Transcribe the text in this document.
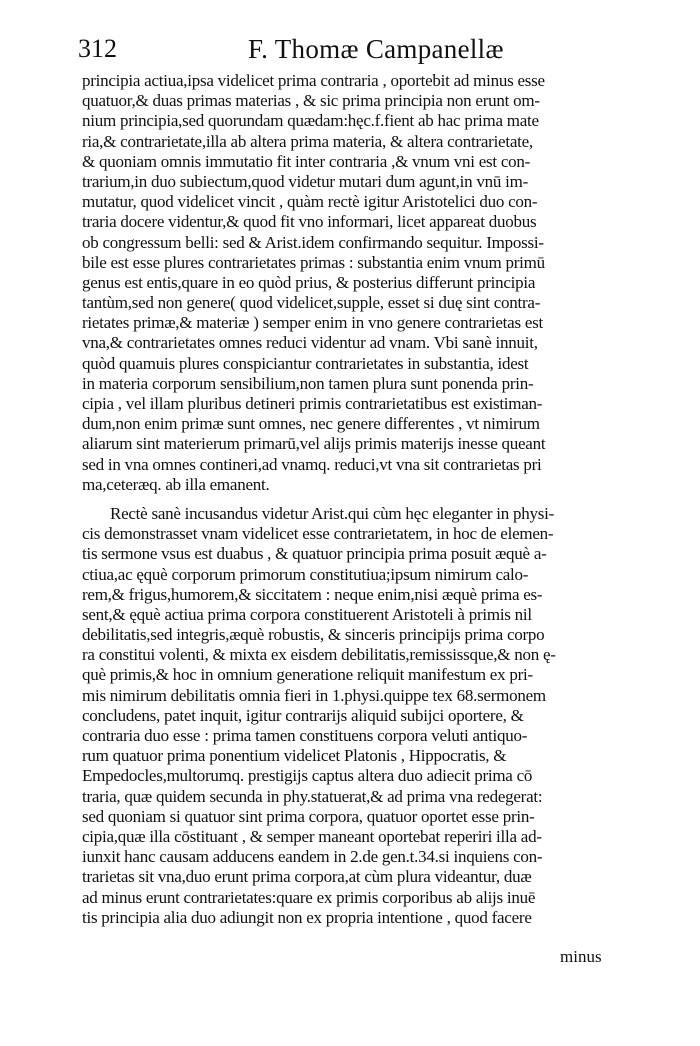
312	F. Thomæ Campanellæ
principia actiua,ipsa videlicet prima contraria , oportebit ad minus esse
quatuor,& duas primas materias , & sic prima principia non erunt om-
nium principia,sed quorundam quædam:hęc.f.fient ab hac prima mate
ria,& contrarietate,illa ab altera prima materia, & altera contrarietate,
& quoniam omnis immutatio fit inter contraria ,& vnum vni est con-
trarium,in duo subiectum,quod videtur mutari dum agunt,in vnū im-
mutatur, quod videlicet vincit , quàm rectè igitur Aristotelici duo con-
traria docere videntur,& quod fit vno informari, licet appareat duobus
ob congressum belli: sed & Arist.idem confirmando sequitur. Impossi-
bile est esse plures contrarietates primas : substantia enim vnum primū
genus est entis,quare in eo quòd prius, & posterius differunt principia
tantùm,sed non genere( quod videlicet,supple, esset si duę sint contra-
rietates primæ,& materiæ ) semper enim in vno genere contrarietas est
vna,& contrarietates omnes reduci videntur ad vnam. Vbi sanè innuit,
quòd quamuis plures conspiciantur contrarietates in substantia, idest
in materia corporum sensibilium,non tamen plura sunt ponenda prin-
cipia , vel illam pluribus detineri primis contrarietatibus est existiman-
dum,non enim primæ sunt omnes, nec genere differentes , vt nimirum
aliarum sint materierum primarū,vel alijs primis materijs inesse queant
sed in vna omnes contineri,ad vnamq. reduci,vt vna sit contrarietas pri
ma,ceteræq. ab illa emanent.
Rectè sanè incusandus videtur Arist.qui cùm hęc eleganter in physi-
cis demonstrasset vnam videlicet esse contrarietatem, in hoc de elemen-
tis sermone vsus est duabus , & quatuor principia prima posuit æquè a-
ctiua,ac ęquè corporum primorum constitutiua;ipsum nimirum calo-
rem,& frigus,humorem,& siccitatem : neque enim,nisi æquè prima es-
sent,& ęquè actiua prima corpora constituerent Aristoteli à primis nil
debilitatis,sed integris,æquè robustis, & sinceris principijs prima corpo
ra constitui volenti, & mixta ex eisdem debilitatis,remississque,& non ę-
què primis,& hoc in omnium generatione reliquit manifestum ex pri-
mis nimirum debilitatis omnia fieri in 1.physi.quippe tex 68.sermonem
concludens, patet inquit, igitur contrarijs aliquid subijci oportere, &
contraria duo esse : prima tamen constituens corpora veluti antiquo-
rum quatuor prima ponentium videlicet Platonis , Hippocratis, &
Empedocles,multorumq. prestigijs captus altera duo adiecit prima cō
traria, quæ quidem secunda in phy.statuerat,& ad prima vna redegerat:
sed quoniam si quatuor sint prima corpora, quatuor oportet esse prin-
cipia,quæ illa cōstituant , & semper maneant oportebat reperiri illa ad-
iunxit hanc causam adducens eandem in 2.de gen.t.34.si inquiens con-
trarietas sit vna,duo erunt prima corpora,at cùm plura videantur, duæ
ad minus erunt contrarietates:quare ex primis corporibus ab alijs inuē
tis principia alia duo adiungit non ex propria intentione , quod facere
minus
